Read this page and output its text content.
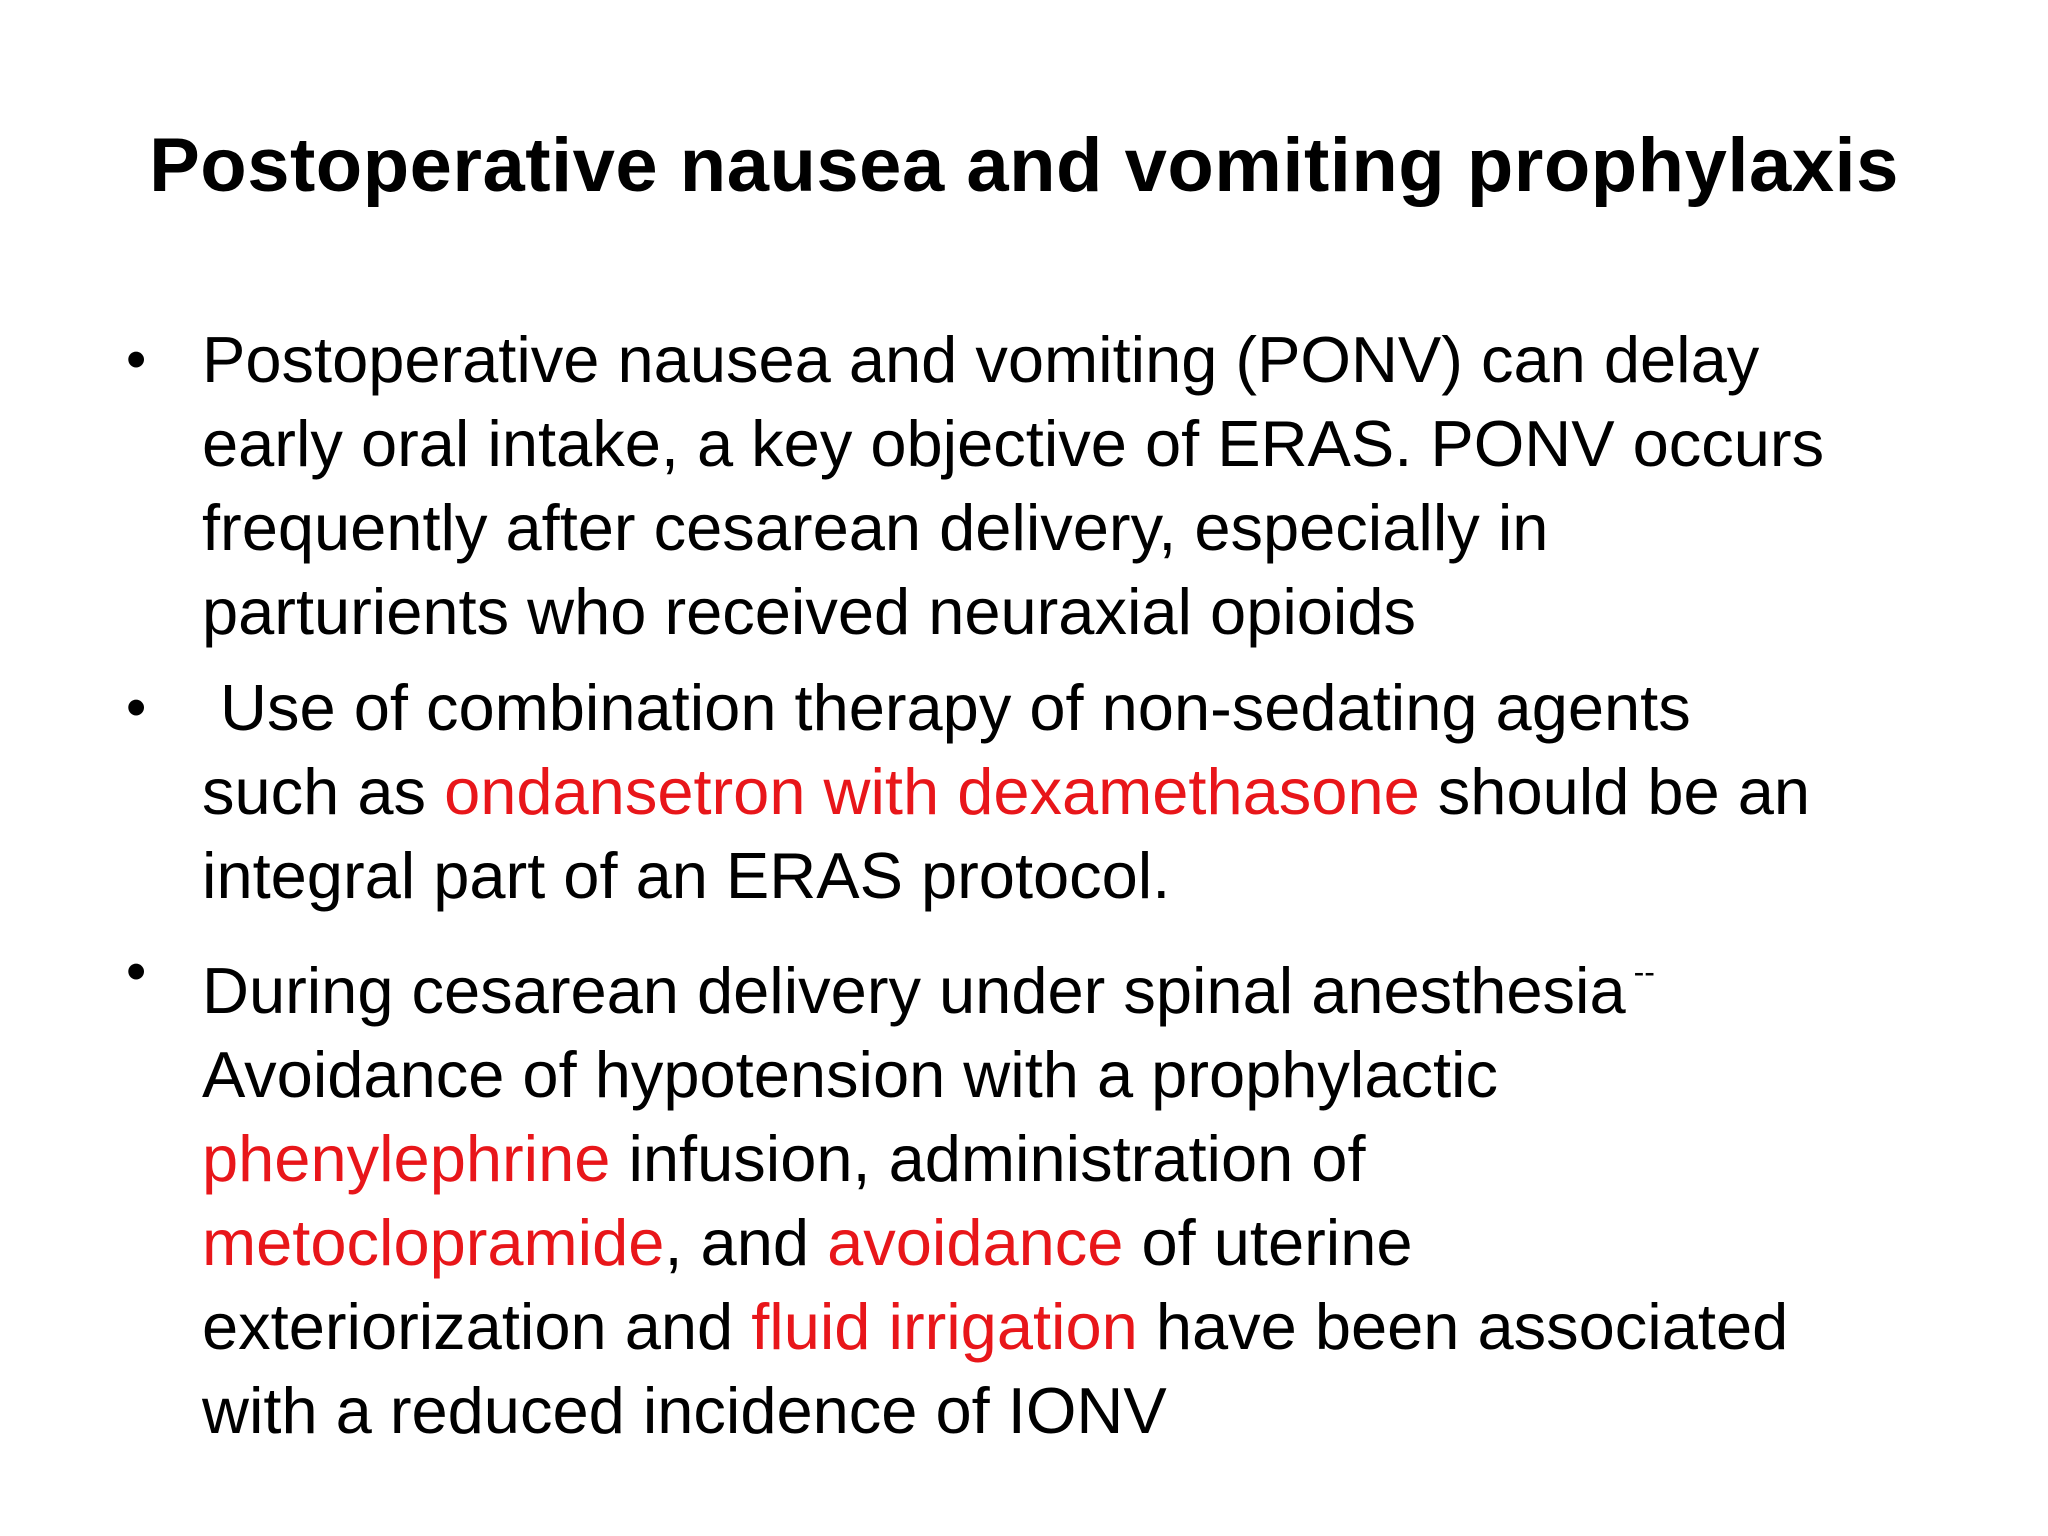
Postoperative nausea and vomiting prophylaxis
• Postoperative nausea and vomiting (PONV) can delay
early oral intake, a key objective of ERAS. PONV occurs
frequently after cesarean delivery, especially in
parturients who received neuraxial opioids
• Use of combination therapy of non-sedating agents
such as ondansetron with dexamethasone should be an
integral part of an ERAS protocol.
• During cesarean delivery under spinal anesthesia --
Avoidance of hypotension with a prophylactic
phenylephrine infusion, administration of
metoclopramide, and avoidance of uterine
exteriorization and fluid irrigation have been associated
with a reduced incidence of IONV
